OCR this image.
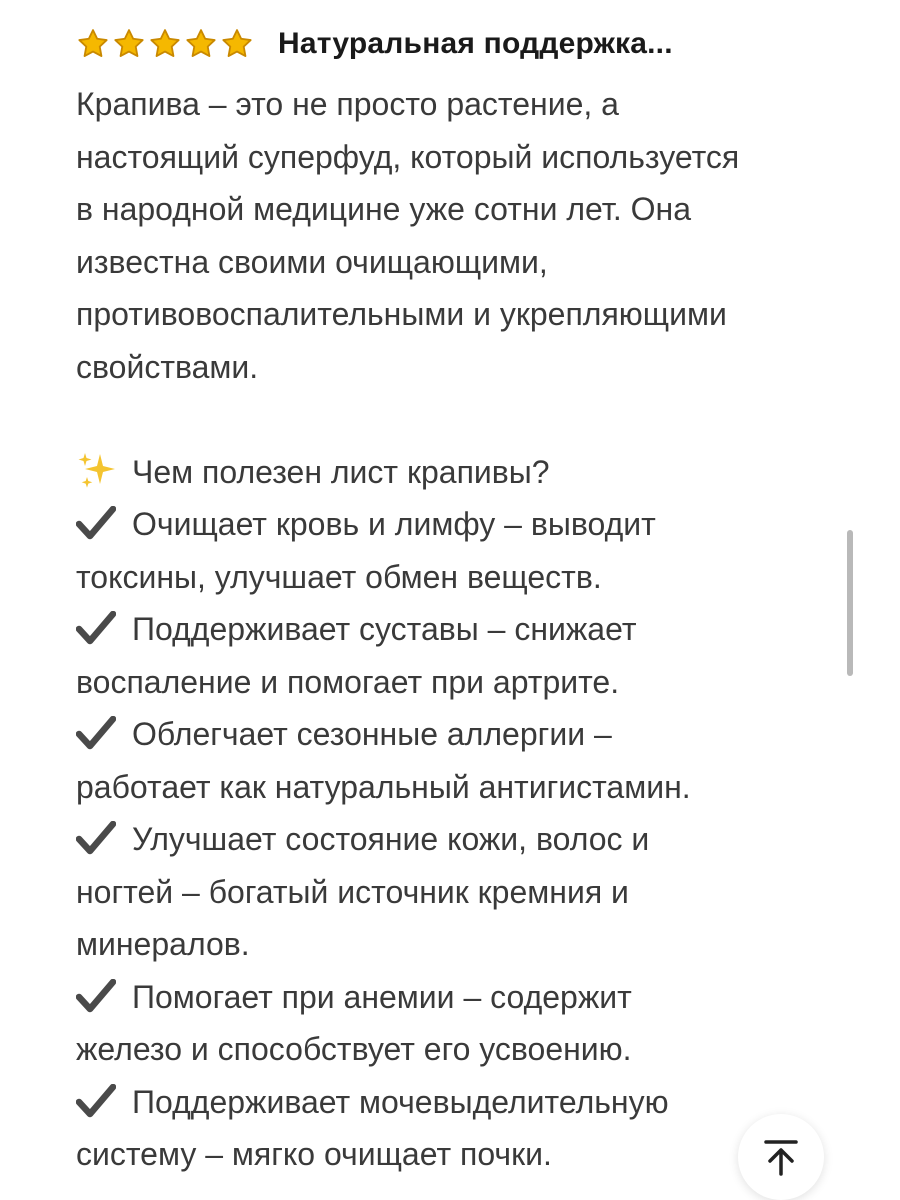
Натуральная поддержка...

Крапива – это не просто растение, а
настоящий суперфуд, который используется
в народной медицине уже сотни лет. Она
известна своими очищающими,
противовоспалительными и укрепляющими
свойствами.

Чем полезен лист крапивы?
Очищает кровь и лимфу – выводит
токсины, улучшает обмен веществ.
Поддерживает суставы – снижает
воспаление и помогает при артрите.
Облегчает сезонные аллергии –
работает как натуральный антигистамин.
Улучшает состояние кожи, волос и
ногтей – богатый источник кремния и
минералов.
Помогает при анемии – содержит
железо и способствует его усвоению.
Поддерживает мочевыделительную
систему – мягко очищает почки.
